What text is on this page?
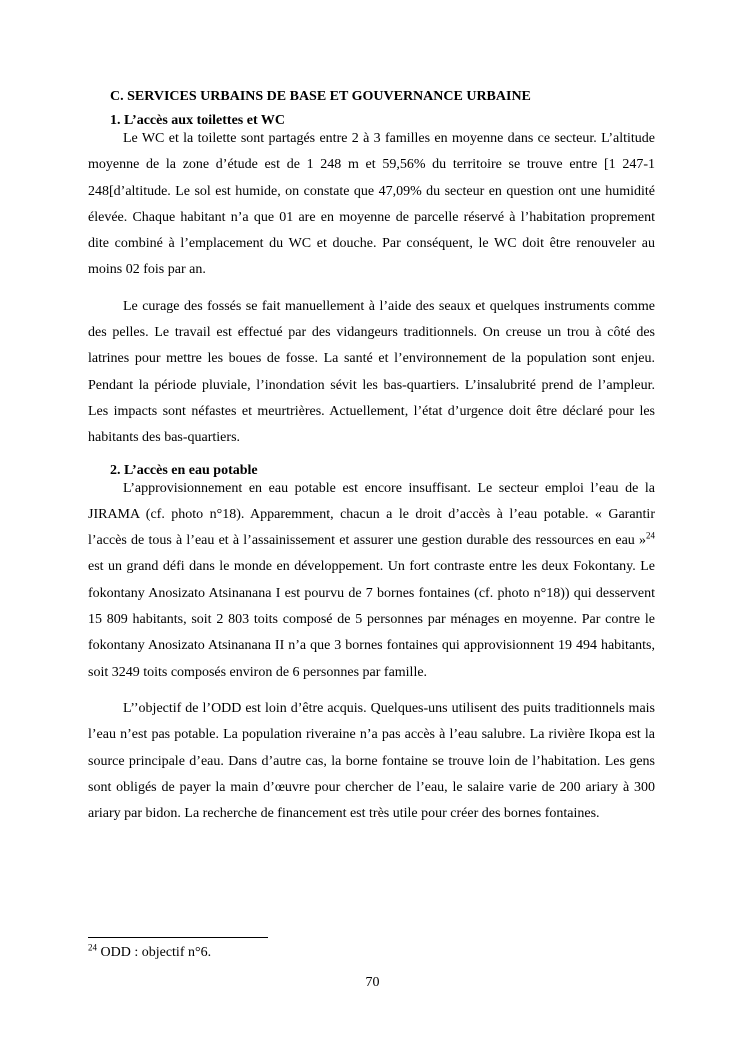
C. SERVICES URBAINS DE BASE ET GOUVERNANCE URBAINE
1. L’accès aux toilettes et WC

Le WC et la toilette sont partagés entre 2 à 3 familles en moyenne dans ce secteur. L’altitude moyenne de la zone d’étude est de 1 248 m et 59,56% du territoire se trouve entre [1 247-1 248[d’altitude. Le sol est humide, on constate que 47,09% du secteur en question ont une humidité élevée. Chaque habitant n’a que 01 are en moyenne de parcelle réservé à l’habitation proprement dite combiné à l’emplacement du WC et douche. Par conséquent, le WC doit être renouveler au moins 02 fois par an.

Le curage des fossés se fait manuellement à l’aide des seaux et quelques instruments comme des pelles. Le travail est effectué par des vidangeurs traditionnels. On creuse un trou à côté des latrines pour mettre les boues de fosse. La santé et l’environnement de la population sont enjeu. Pendant la période pluviale, l’inondation sévit les bas-quartiers. L’insalubrité prend de l’ampleur. Les impacts sont néfastes et meurtrières. Actuellement, l’état d’urgence doit être déclaré pour les habitants des bas-quartiers.

2. L’accès en eau potable

L’approvisionnement en eau potable est encore insuffisant. Le secteur emploi l’eau de la JIRAMA (cf. photo n°18). Apparemment, chacun a le droit d’accès à l’eau potable. « Garantir l’accès de tous à l’eau et à l’assainissement et assurer une gestion durable des ressources en eau »$^{24}$ est un grand défi dans le monde en développement. Un fort contraste entre les deux Fokontany. Le fokontany Anosizato Atsinanana I est pourvu de 7 bornes fontaines (cf. photo n°18)) qui desservent 15 809 habitants, soit 2 803 toits composé de 5 personnes par ménages en moyenne. Par contre le fokontany Anosizato Atsinanana II n’a que 3 bornes fontaines qui approvisionnent 19 494 habitants, soit 3249 toits composés environ de 6 personnes par famille.

L’’objectif de l’ODD est loin d’être acquis. Quelques-uns utilisent des puits traditionnels mais l’eau n’est pas potable. La population riveraine n’a pas accès à l’eau salubre. La rivière Ikopa est la source principale d’eau. Dans d’autre cas, la borne fontaine se trouve loin de l’habitation. Les gens sont obligés de payer la main d’œuvre pour chercher de l’eau, le salaire varie de 200 ariary à 300 ariary par bidon. La recherche de financement est très utile pour créer des bornes fontaines.

$^{24}$ ODD : objectif n°6.
70
